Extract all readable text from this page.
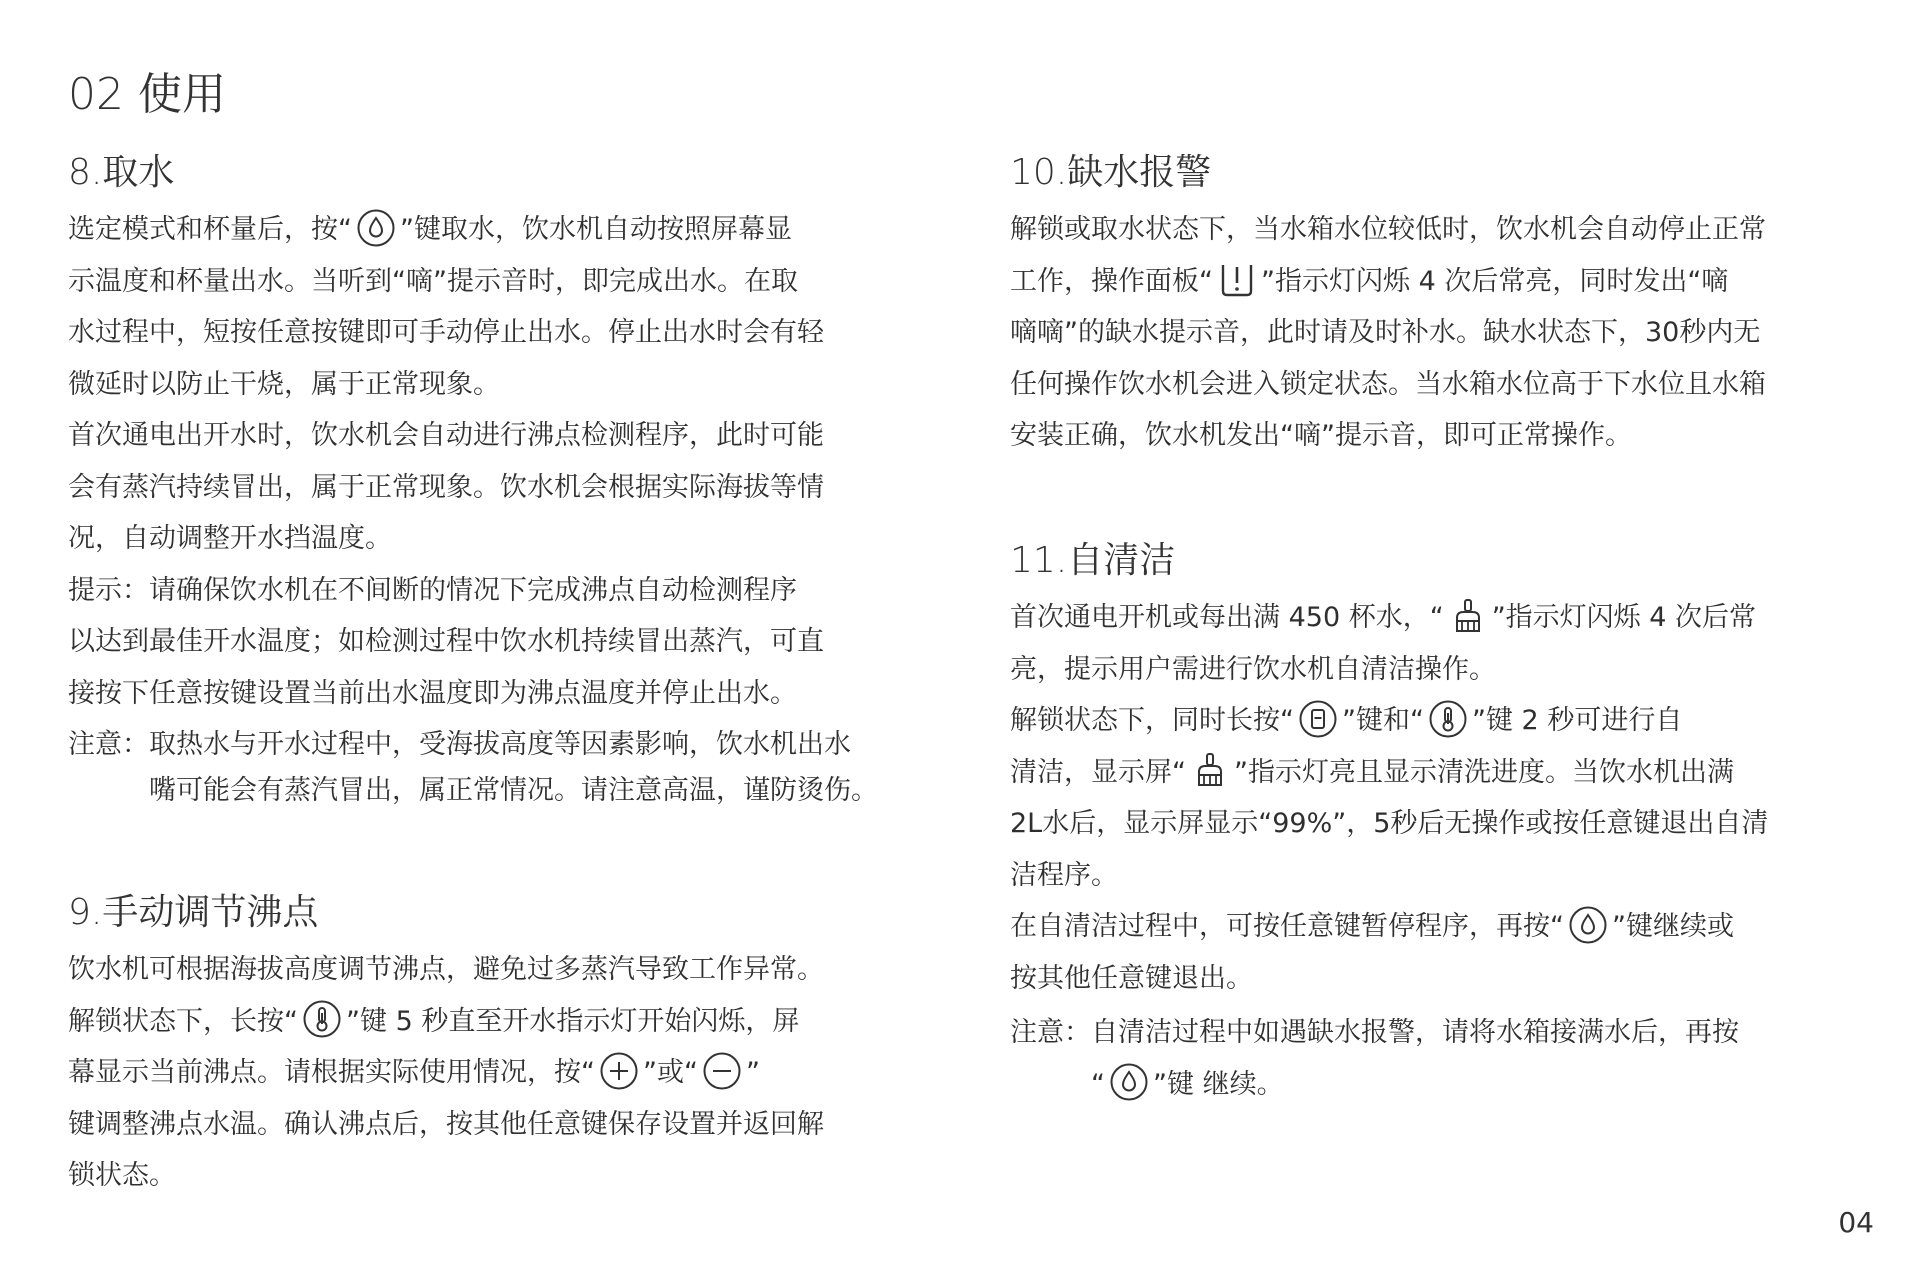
02 使用
8.取水
选定模式和杯量后，按“ ”键取水，饮水机自动按照屏幕显
示温度和杯量出水。当听到“嘀”提示音时，即完成出水。在取
水过程中，短按任意按键即可手动停止出水。停止出水时会有轻
微延时以防止干烧，属于正常现象。
首次通电出开水时，饮水机会自动进行沸点检测程序，此时可能
会有蒸汽持续冒出，属于正常现象。饮水机会根据实际海拔等情
况，自动调整开水挡温度。
提示：请确保饮水机在不间断的情况下完成沸点自动检测程序
以达到最佳开水温度；如检测过程中饮水机持续冒出蒸汽，可直
接按下任意按键设置当前出水温度即为沸点温度并停止出水。
注意： 取热水与开水过程中，受海拔高度等因素影响，饮水机出水
嘴可能会有蒸汽冒出，属正常情况。请注意高温，谨防烫伤。
9.手动调节沸点
饮水机可根据海拔高度调节沸点，避免过多蒸汽导致工作异常。
解锁状态下，长按“ ”键 5 秒直至开水指示灯开始闪烁，屏
幕显示当前沸点。请根据实际使用情况，按“ ”或“ ”
键调整沸点水温。确认沸点后，按其他任意键保存设置并返回解
锁状态。
10.缺水报警
解锁或取水状态下，当水箱水位较低时，饮水机会自动停止正常
工作，操作面板“ ”指示灯闪烁 4 次后常亮，同时发出“嘀
嘀嘀”的缺水提示音，此时请及时补水。缺水状态下，30秒内无
任何操作饮水机会进入锁定状态。当水箱水位高于下水位且水箱
安装正确，饮水机发出“嘀”提示音，即可正常操作。
11.自清洁
首次通电开机或每出满 450 杯水，“ ”指示灯闪烁 4 次后常
亮，提示用户需进行饮水机自清洁操作。
解锁状态下，同时长按“ ”键和“ ”键 2 秒可进行自
清洁，显示屏“ ”指示灯亮且显示清洗进度。当饮水机出满
2L水后，显示屏显示“99%”，5秒后无操作或按任意键退出自清
洁程序。
在自清洁过程中，可按任意键暂停程序，再按“ ”键继续或
按其他任意键退出。
注意： 自清洁过程中如遇缺水报警，请将水箱接满水后，再按
“ ”键 继续。
04
